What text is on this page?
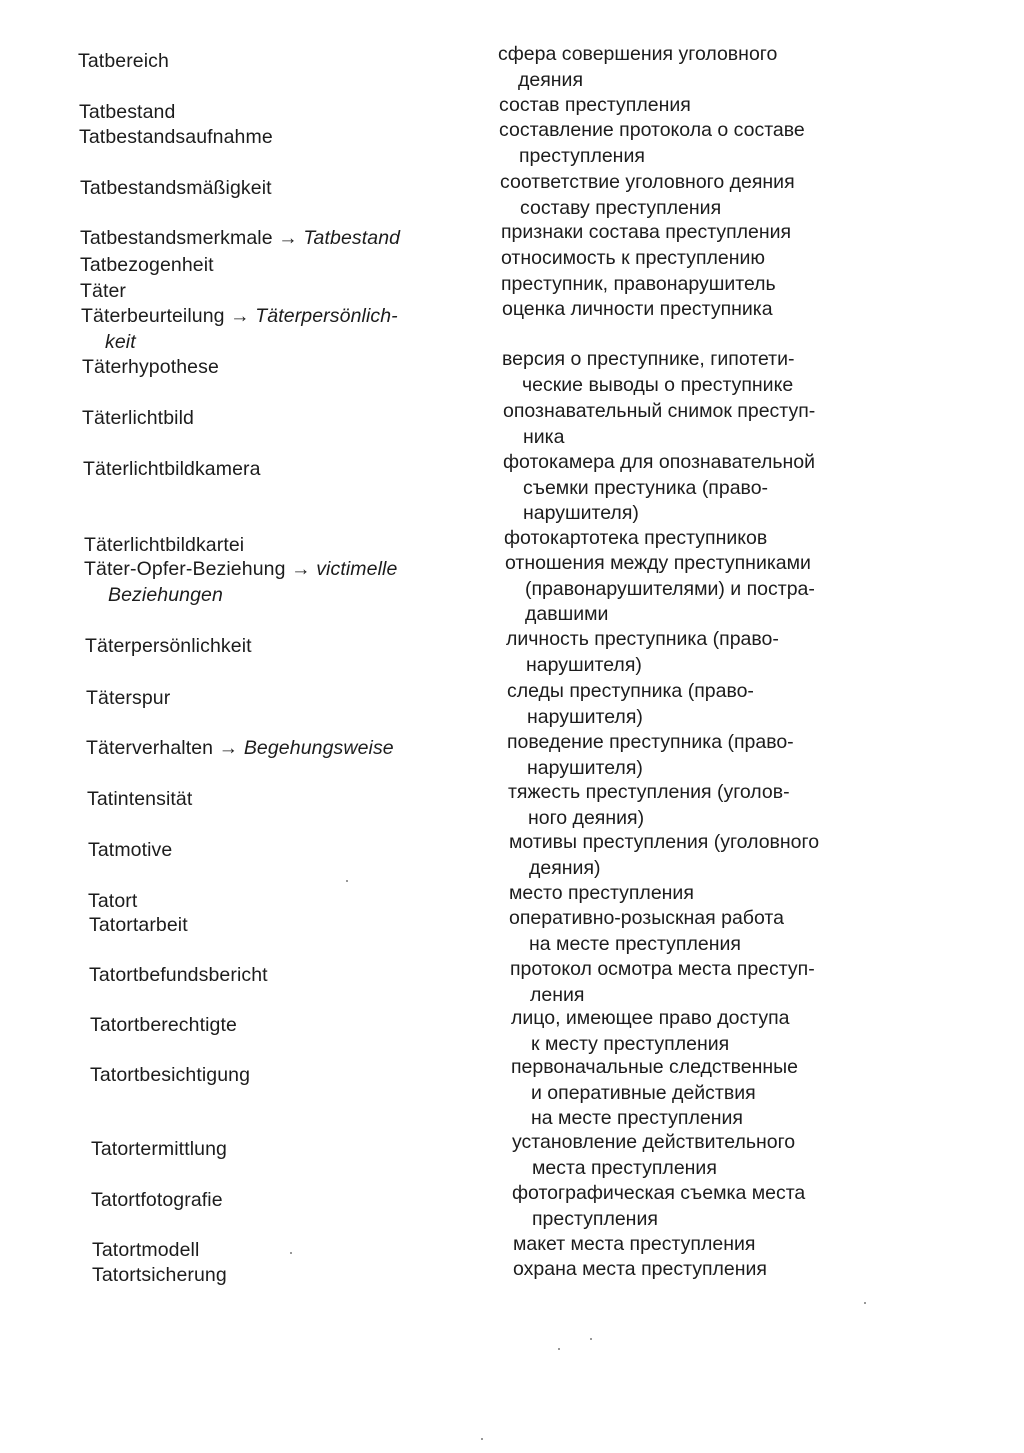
Tatbereich	сфера совершения уголовного
деяния
Tatbestand	состав преступления
Tatbestandsaufnahme	составление протокола о составе
преступления
Tatbestandsmäßigkeit	соответствие уголовного деяния
составу преступления
Tatbestandsmerkmale → Tatbestand	признаки состава преступления
Tatbezogenheit	относимость к преступлению
Täter	преступник, правонарушитель
Täterbeurteilung → Täterpersönlich-
keit
оценка личности преступника
Täterhypothese	версия о преступнике, гипотети-
ческие выводы о преступнике
Täterlichtbild	опознавательный снимок преступ-
ника
Täterlichtbildkamera	фотокамера для опознавательной
съемки престуника (право-
нарушителя)
Täterlichtbildkartei	фотокартотека преступников
Täter-Opfer-Beziehung → victimelle
Beziehungen
отношения между преступниками
(правонарушителями) и постра-
давшими
Täterpersönlichkeit	личность преступника (право-
нарушителя)
Täterspur	следы преступника (право-
нарушителя)
Täterverhalten → Begehungsweise	поведение преступника (право-
нарушителя)
Tatintensität	тяжесть преступления (уголов-
ного деяния)
Tatmotive	мотивы преступления (уголовного
деяния)
Tatort	место преступления
Tatortarbeit	оперативно-розыскная работа
на месте преступления
Tatortbefundsbericht	протокол осмотра места преступ-
ления
Tatortberechtigte	лицо, имеющее право доступа
к месту преступления
Tatortbesichtigung	первоначальные следственные
и оперативные действия
на месте преступления
Tatortermittlung	установление действительного
места преступления
Tatortfotografie	фотографическая съемка места
преступления
Tatortmodell	макет места преступления
Tatortsicherung	охрана места преступления
